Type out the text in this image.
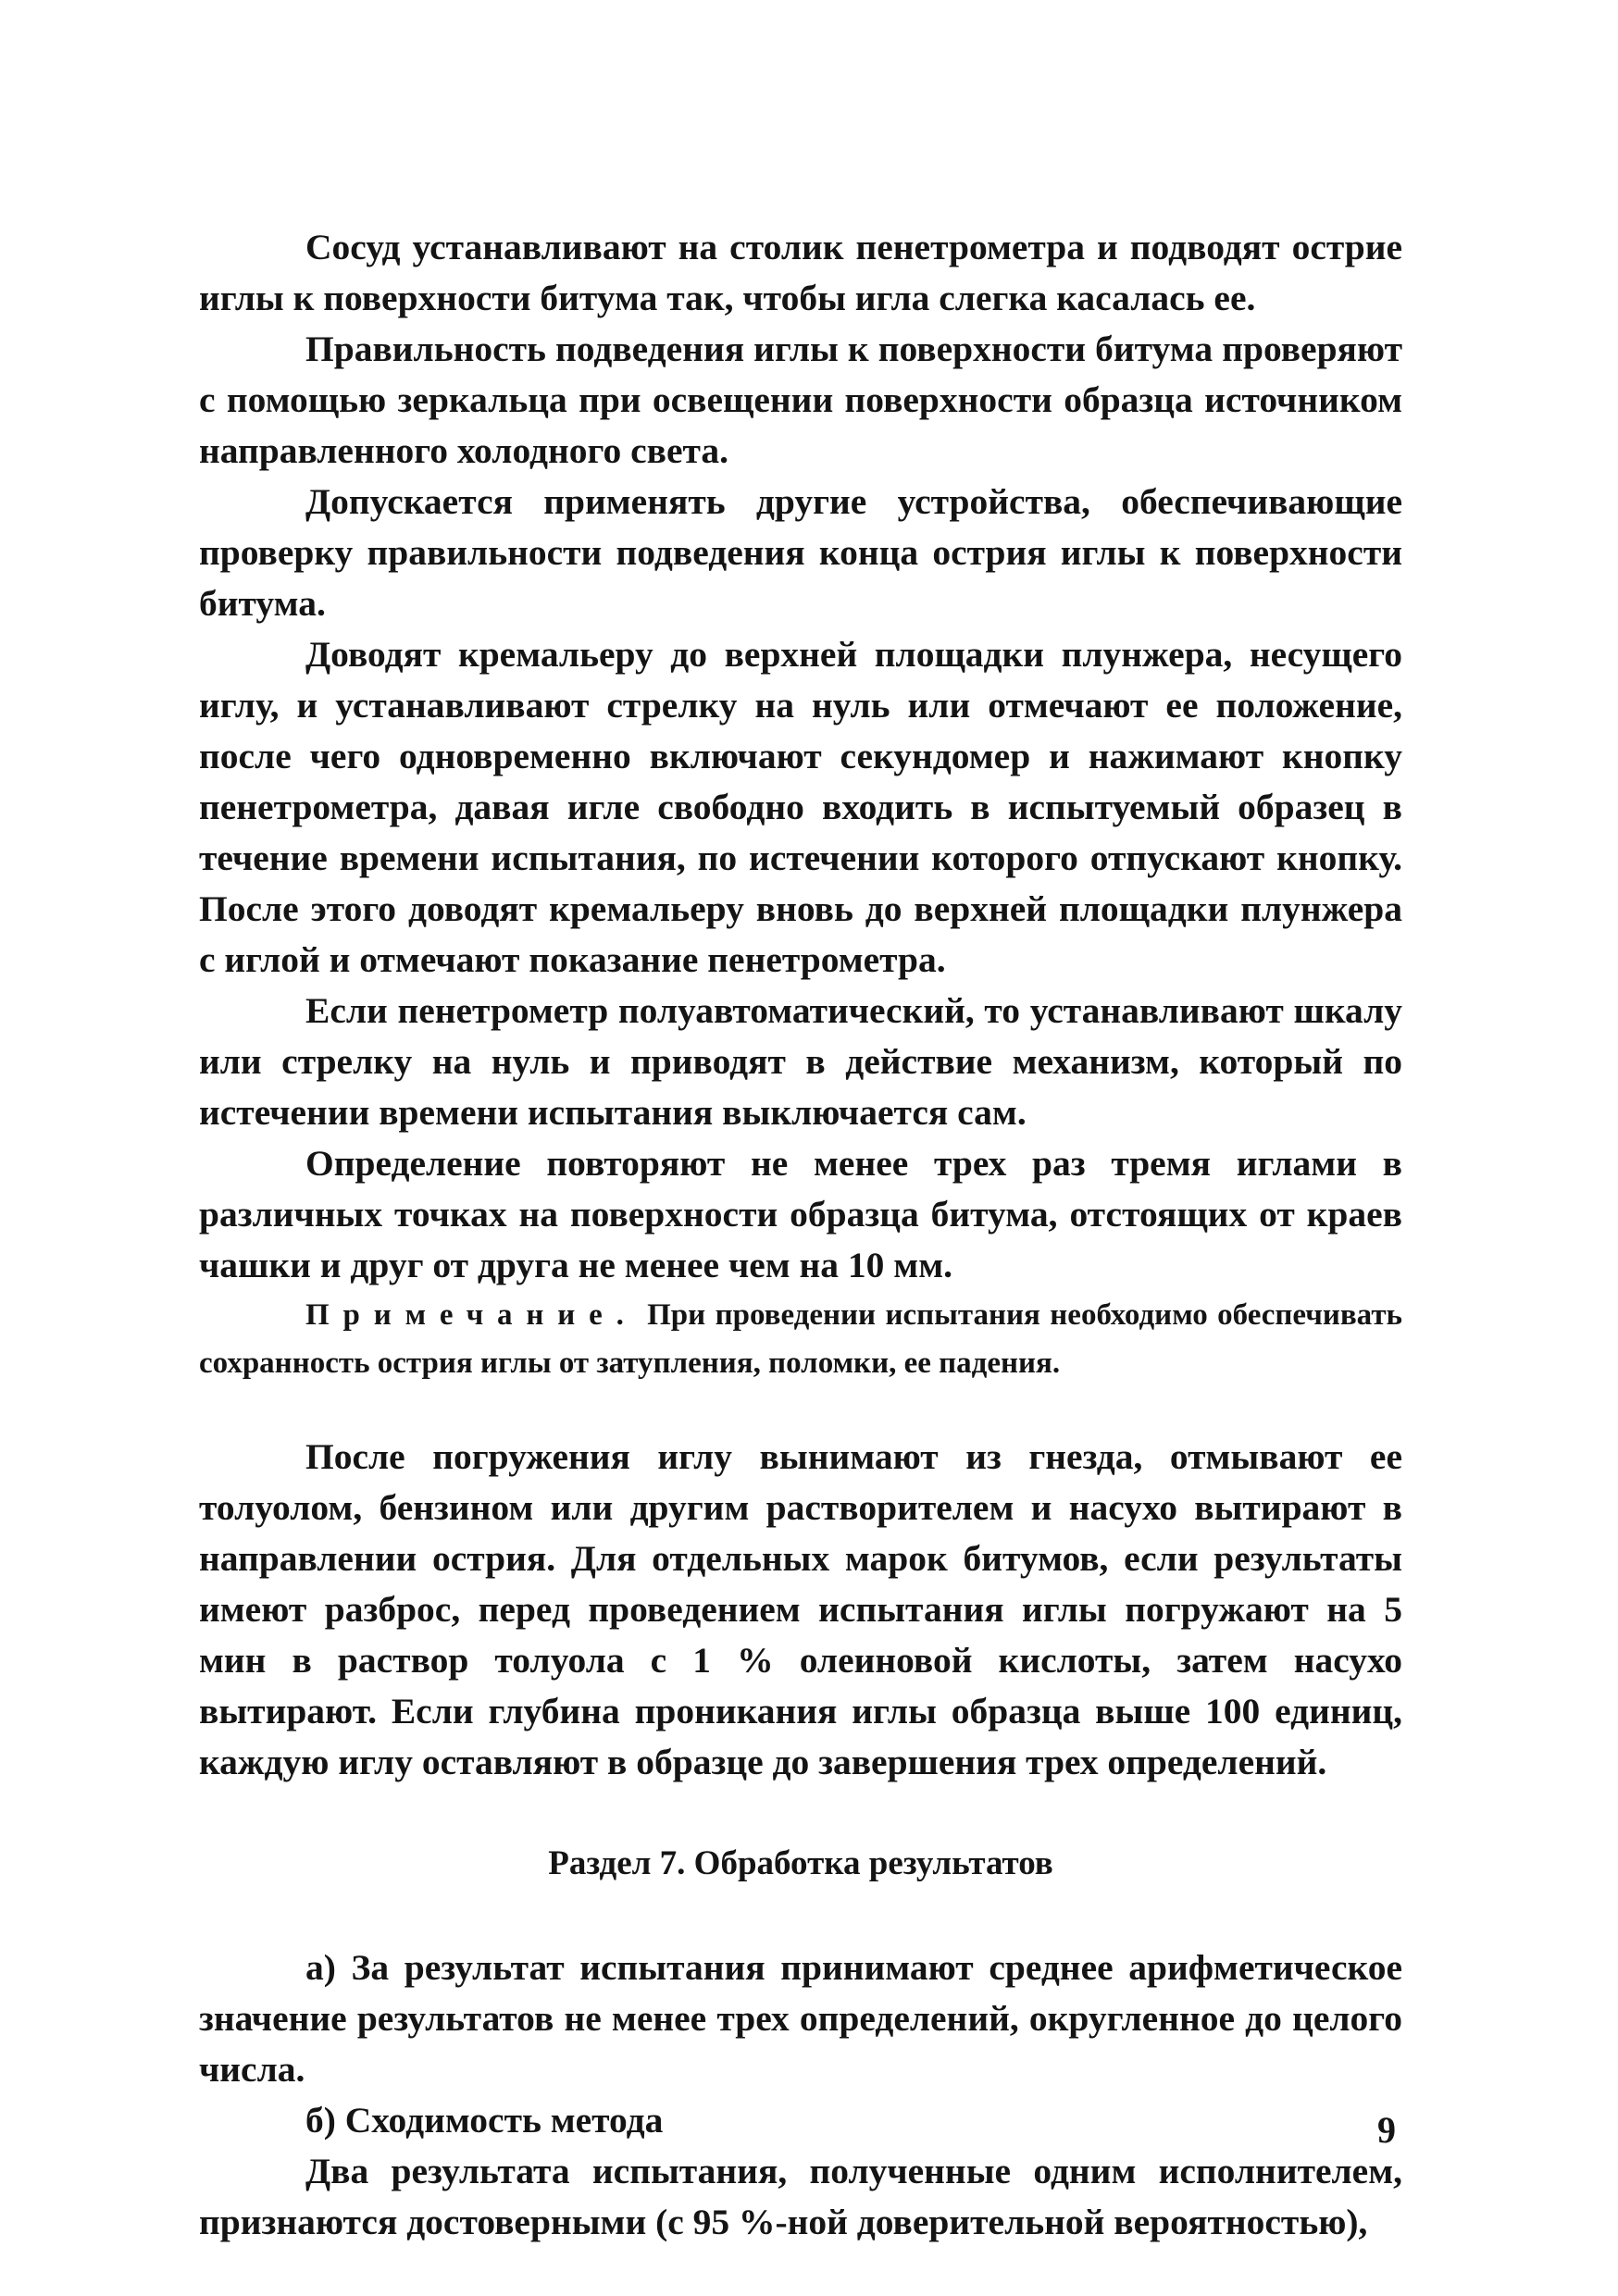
Сосуд устанавливают на столик пенетрометра и подводят острие иглы к поверхности битума так, чтобы игла слегка касалась ее.

Правильность подведения иглы к поверхности битума проверяют с помощью зеркальца при освещении поверхности образца источником направленного холодного света.

Допускается применять другие устройства, обеспечивающие проверку правильности подведения конца острия иглы к поверхности битума.

Доводят кремальеру до верхней площадки плунжера, несущего иглу, и устанавливают стрелку на нуль или отмечают ее положение, после чего одновременно включают секундомер и нажимают кнопку пенетрометра, давая игле свободно входить в испытуемый образец в течение времени испытания, по истечении которого отпускают кнопку. После этого доводят кремальеру вновь до верхней площадки плунжера с иглой и отмечают показание пенетрометра.

Если пенетрометр полуавтоматический, то устанавливают шкалу или стрелку на нуль и приводят в действие механизм, который по истечении времени испытания выключается сам.

Определение повторяют не менее трех раз тремя иглами в различных точках на поверхности образца битума, отстоящих от краев чашки и друг от друга не менее чем на 10 мм.

Примечание. При проведении испытания необходимо обеспечивать сохранность острия иглы от затупления, поломки, ее падения.

После погружения иглу вынимают из гнезда, отмывают ее толуолом, бензином или другим растворителем и насухо вытирают в направлении острия. Для отдельных марок битумов, если результаты имеют разброс, перед проведением испытания иглы погружают на 5 мин в раствор толуола с 1 % олеиновой кислоты, затем насухо вытирают. Если глубина проникания иглы образца выше 100 единиц, каждую иглу оставляют в образце до завершения трех определений.

Раздел 7. Обработка результатов

а) За результат испытания принимают среднее арифметическое значение результатов не менее трех определений, округленное до целого числа.

б) Сходимость метода

Два результата испытания, полученные одним исполнителем, признаются достоверными (с 95 %-ной доверительной вероятностью),

9
